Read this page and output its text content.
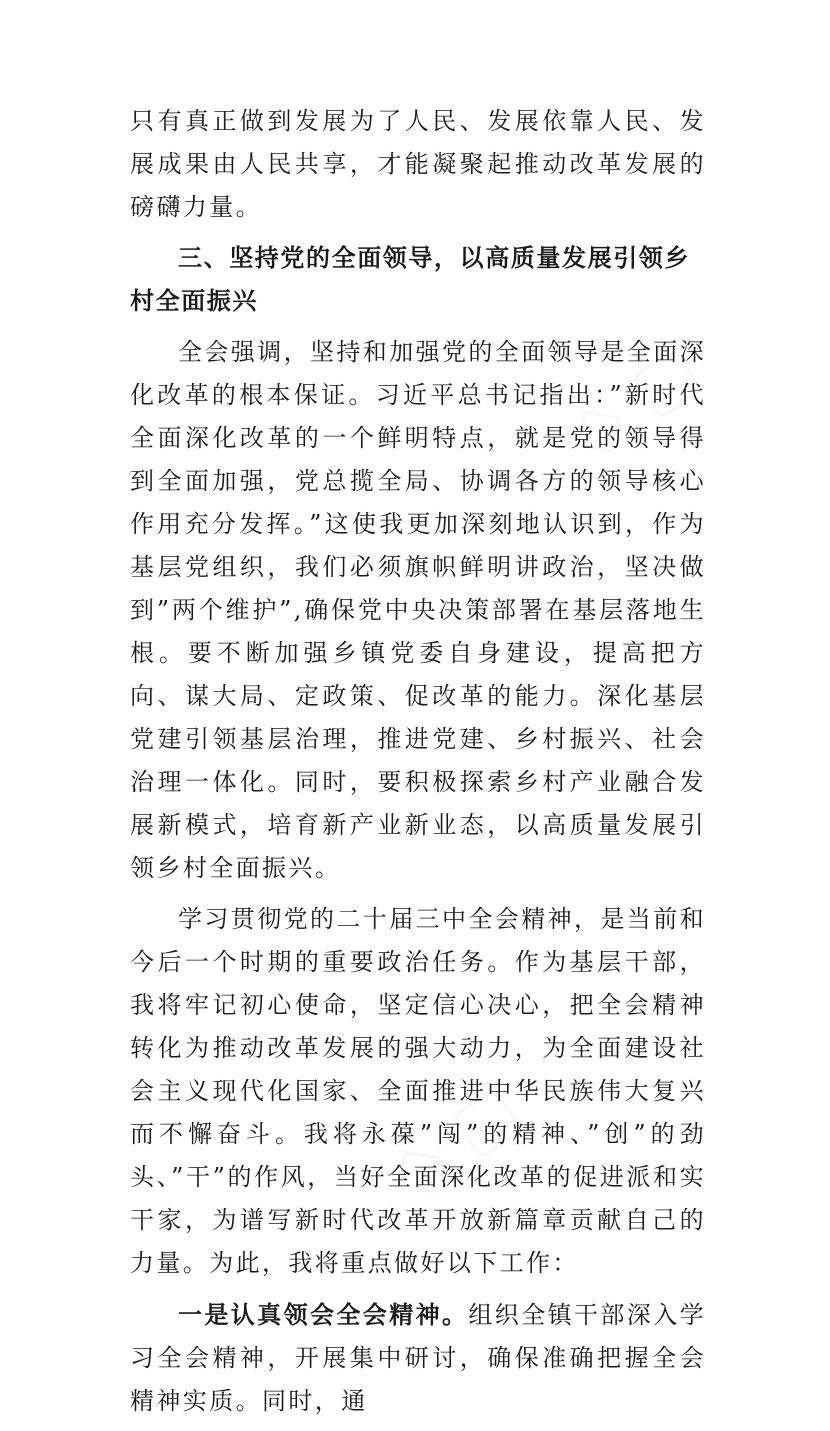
◇ ▢
◇ ▢

只有真正做到发展为了人民、发展依靠人民、发展成果由人民共享，才能凝聚起推动改革发展的磅礴力量。

三、坚持党的全面领导，以高质量发展引领乡村全面振兴

全会强调，坚持和加强党的全面领导是全面深化改革的根本保证。习近平总书记指出：”新时代全面深化改革的一个鲜明特点，就是党的领导得到全面加强，党总揽全局、协调各方的领导核心作用充分发挥。”这使我更加深刻地认识到，作为基层党组织，我们必须旗帜鲜明讲政治，坚决做到”两个维护”,确保党中央决策部署在基层落地生根。要不断加强乡镇党委自身建设，提高把方向、谋大局、定政策、促改革的能力。深化基层党建引领基层治理，推进党建、乡村振兴、社会治理一体化。同时，要积极探索乡村产业融合发展新模式，培育新产业新业态，以高质量发展引领乡村全面振兴。

学习贯彻党的二十届三中全会精神，是当前和今后一个时期的重要政治任务。作为基层干部，我将牢记初心使命，坚定信心决心，把全会精神转化为推动改革发展的强大动力，为全面建设社会主义现代化国家、全面推进中华民族伟大复兴而不懈奋斗。我将永葆”闯”的精神、”创”的劲头、”干”的作风，当好全面深化改革的促进派和实干家，为谱写新时代改革开放新篇章贡献自己的力量。为此，我将重点做好以下工作：

一是认真领会全会精神。组织全镇干部深入学习全会精神，开展集中研讨，确保准确把握全会精神实质。同时，通
